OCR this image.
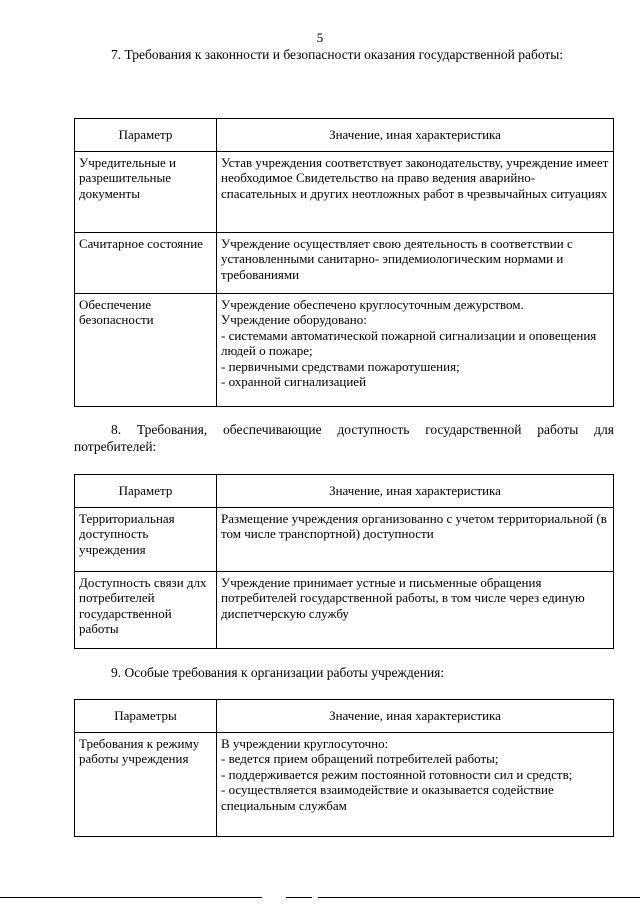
5
7. Требования к законности и безопасности оказания государственной работы:
Параметр	Значение, иная характеристика
Учредительные и разрешительные документы	Устав учреждения соответствует законодательству, учреждение имеет необходимое Свидетельство на право ведения аварийно-спасательных и других неотложных работ в чрезвычайных ситуациях

Сачитарное состояние	Учреждение осуществляет свою деятельность в соответствии с установленными санитарно- эпидемиологическим нормами и требованиями

Обеспечение безопасности	Учреждение обеспечено круглосуточным дежурством.
Учреждение оборудовано:
- системами автоматической пожарной сигнализации и оповещения людей о пожаре;
- первичными средствами пожаротушения;
- охранной сигнализацией
8. Требования, обеспечивающие доступность государственной работы для потребителей:
Параметр	Значение, иная характеристика
Территориальная доступность учреждения	Размещение учреждения организованно с учетом территориальной (в том числе транспортной) доступности

Доступность связи длх потребителей государственной работы	Учреждение принимает устные и письменные обращения потребителей государственной работы, в том числе через единую диспетчерскую службу
9. Особые требования к организации работы учреждения:
Параметры	Значение, иная характеристика
Требования к режиму работы учреждения	В учреждении круглосуточно:
- ведется прием обращений потребителей работы;
- поддерживается режим постоянной готовности сил и средств;
- осуществляется взаимодействие и оказывается содействие специальным службам
